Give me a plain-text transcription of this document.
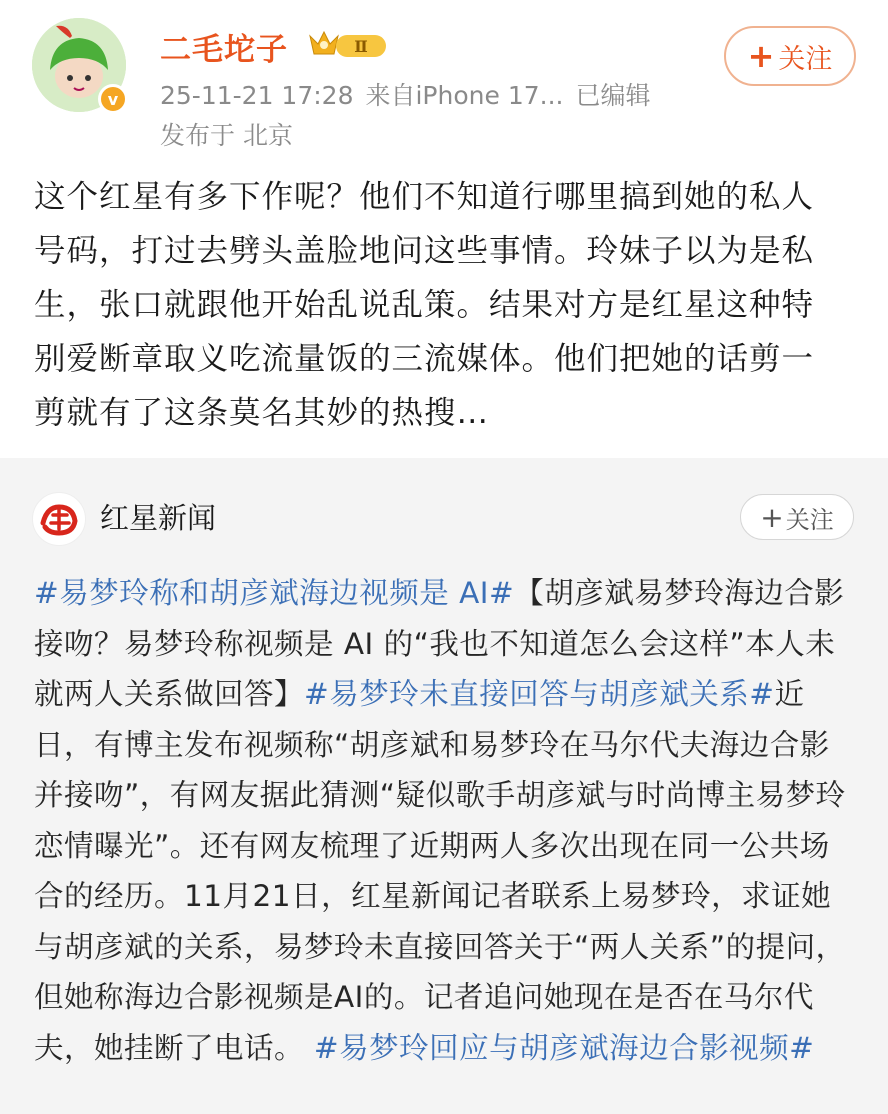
v
二毛坨子	Ⅱ
25-11-21 17:28 来自iPhone 17... 已编辑
发布于 北京
+ 关注
这个红星有多下作呢？他们不知道行哪里搞到她的私人号码，打过去劈头盖脸地问这些事情。玲妹子以为是私生，张口就跟他开始乱说乱策。结果对方是红星这种特别爱断章取义吃流量饭的三流媒体。他们把她的话剪一剪就有了这条莫名其妙的热搜…
红星新闻	+ 关注
#易梦玲称和胡彦斌海边视频是 AI#【胡彦斌易梦玲海边合影接吻？易梦玲称视频是 AI 的“我也不知道怎么会这样”本人未就两人关系做回答】#易梦玲未直接回答与胡彦斌关系#近日，有博主发布视频称“胡彦斌和易梦玲在马尔代夫海边合影并接吻”，有网友据此猜测“疑似歌手胡彦斌与时尚博主易梦玲恋情曝光”。还有网友梳理了近期两人多次出现在同一公共场合的经历。11月21日，红星新闻记者联系上易梦玲，求证她与胡彦斌的关系，易梦玲未直接回答关于“两人关系”的提问，但她称海边合影视频是AI的。记者追问她现在是否在马尔代夫，她挂断了电话。 #易梦玲回应与胡彦斌海边合影视频#
